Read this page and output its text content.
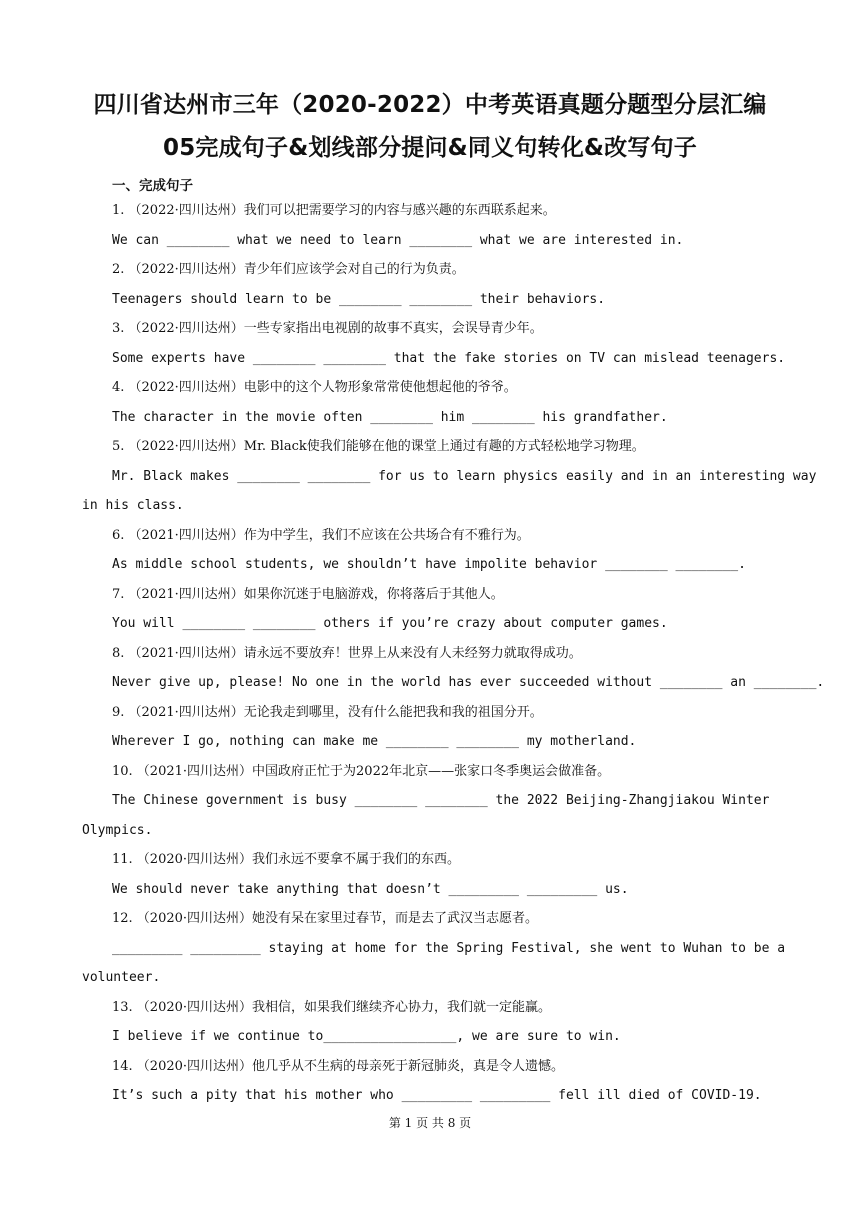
四川省达州市三年（2020-2022）中考英语真题分题型分层汇编
05完成句子&划线部分提问&同义句转化&改写句子
一、完成句子
1. （2022·四川达州）我们可以把需要学习的内容与感兴趣的东西联系起来。
We can ________ what we need to learn ________ what we are interested in.
2. （2022·四川达州）青少年们应该学会对自己的行为负责。
Teenagers should learn to be ________ ________ their behaviors.
3. （2022·四川达州）一些专家指出电视剧的故事不真实，会误导青少年。
Some experts have ________ ________ that the fake stories on TV can mislead teenagers.
4. （2022·四川达州）电影中的这个人物形象常常使他想起他的爷爷。
The character in the movie often ________ him ________ his grandfather.
5. （2022·四川达州）Mr. Black使我们能够在他的课堂上通过有趣的方式轻松地学习物理。
Mr. Black makes ________ ________ for us to learn physics easily and in an interesting way
in his class.
6. （2021·四川达州）作为中学生，我们不应该在公共场合有不雅行为。
As middle school students, we shouldn’t have impolite behavior ________ ________.
7. （2021·四川达州）如果你沉迷于电脑游戏，你将落后于其他人。
You will ________ ________ others if you’re crazy about computer games.
8. （2021·四川达州）请永远不要放弃！世界上从来没有人未经努力就取得成功。
Never give up, please! No one in the world has ever succeeded without ________ an ________.
9. （2021·四川达州）无论我走到哪里，没有什么能把我和我的祖国分开。
Wherever I go, nothing can make me ________ ________ my motherland.
10. （2021·四川达州）中国政府正忙于为2022年北京——张家口冬季奥运会做准备。
The Chinese government is busy ________ ________ the 2022 Beijing-Zhangjiakou Winter
Olympics.
11. （2020·四川达州）我们永远不要拿不属于我们的东西。
We should never take anything that doesn’t _________ _________ us.
12. （2020·四川达州）她没有呆在家里过春节，而是去了武汉当志愿者。
_________ _________ staying at home for the Spring Festival, she went to Wuhan to be a
volunteer.
13. （2020·四川达州）我相信，如果我们继续齐心协力，我们就一定能赢。
I believe if we continue to_________________, we are sure to win.
14. （2020·四川达州）他几乎从不生病的母亲死于新冠肺炎，真是令人遗憾。
It’s such a pity that his mother who _________ _________ fell ill died of COVID-19.
第 1 页 共 8 页
